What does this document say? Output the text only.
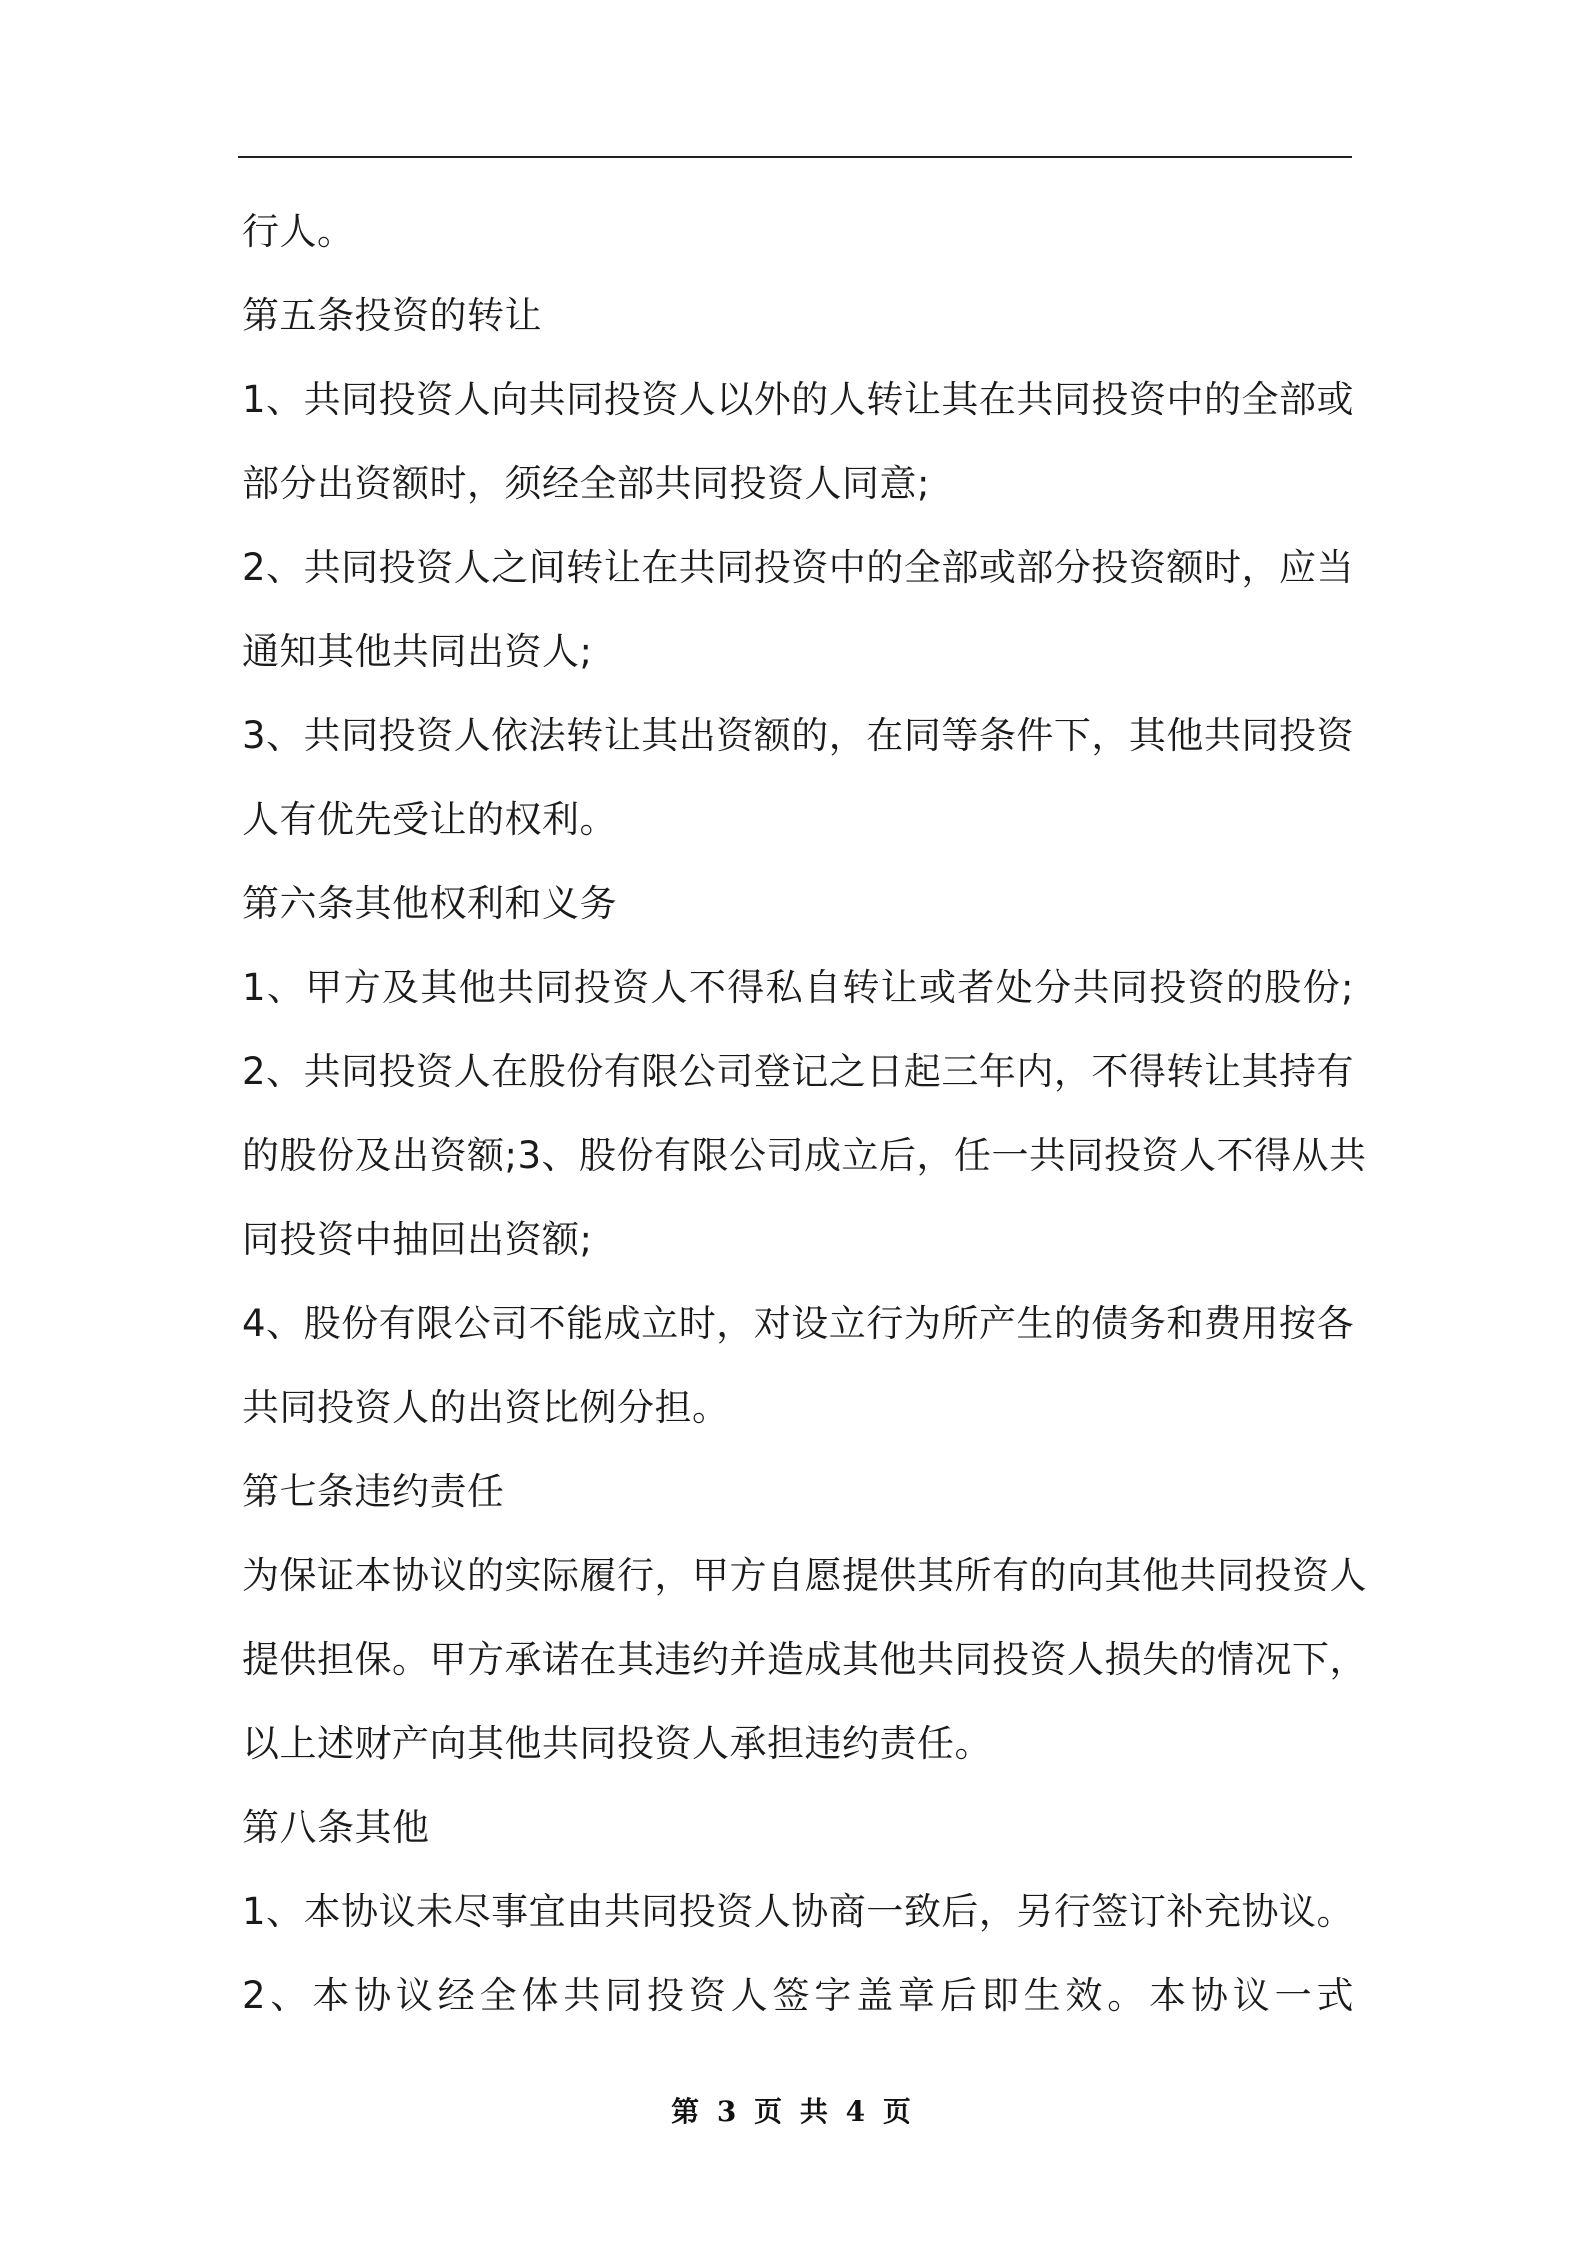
行人。
第五条投资的转让
1、共同投资人向共同投资人以外的人转让其在共同投资中的全部或
部分出资额时，须经全部共同投资人同意;
2、共同投资人之间转让在共同投资中的全部或部分投资额时，应当
通知其他共同出资人;
3、共同投资人依法转让其出资额的，在同等条件下，其他共同投资
人有优先受让的权利。
第六条其他权利和义务
1、甲方及其他共同投资人不得私自转让或者处分共同投资的股份;
2、共同投资人在股份有限公司登记之日起三年内，不得转让其持有
的股份及出资额;3、股份有限公司成立后，任一共同投资人不得从共
同投资中抽回出资额;
4、股份有限公司不能成立时，对设立行为所产生的债务和费用按各
共同投资人的出资比例分担。
第七条违约责任
为保证本协议的实际履行，甲方自愿提供其所有的向其他共同投资人
提供担保。甲方承诺在其违约并造成其他共同投资人损失的情况下，
以上述财产向其他共同投资人承担违约责任。
第八条其他
1、本协议未尽事宜由共同投资人协商一致后，另行签订补充协议。
2、本协议经全体共同投资人签字盖章后即生效。本协议一式
第 3 页 共 4 页
